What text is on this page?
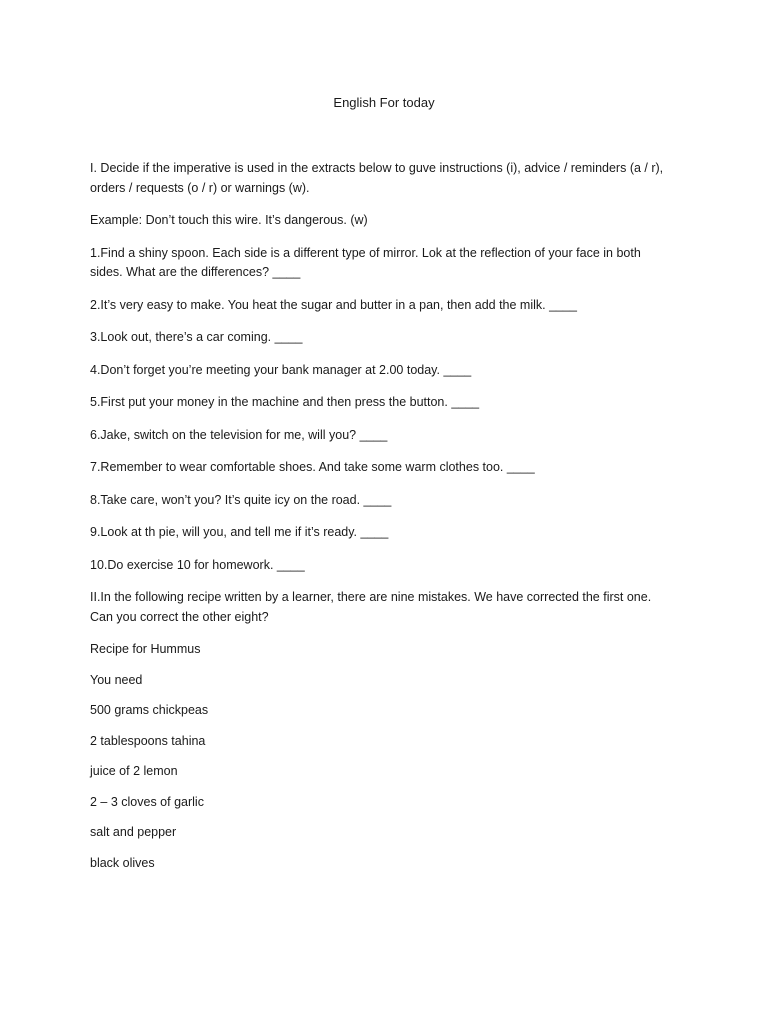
English For today
I. Decide if the imperative is used in the extracts below to guve instructions (i), advice / reminders (a / r),
orders / requests (o / r) or warnings (w).
Example: Don’t touch this wire. It’s dangerous. (w)
1.Find a shiny spoon. Each side is a different type of mirror. Lok at the reflection of your face in both
sides. What are the differences? ____
2.It’s very easy to make. You heat the sugar and butter in a pan, then add the milk. ____
3.Look out, there’s a car coming. ____
4.Don’t forget you’re meeting your bank manager at 2.00 today. ____
5.First put your money in the machine and then press the button. ____
6.Jake, switch on the television for me, will you? ____
7.Remember to wear comfortable shoes. And take some warm clothes too. ____
8.Take care, won’t you? It’s quite icy on the road. ____
9.Look at th pie, will you, and tell me if it’s ready. ____
10.Do exercise 10 for homework. ____
II.In the following recipe written by a learner, there are nine mistakes. We have corrected the first one.
Can you correct the other eight?
Recipe for Hummus
You need
500 grams chickpeas
2 tablespoons tahina
juice of 2 lemon
2 – 3 cloves of garlic
salt and pepper
black olives
